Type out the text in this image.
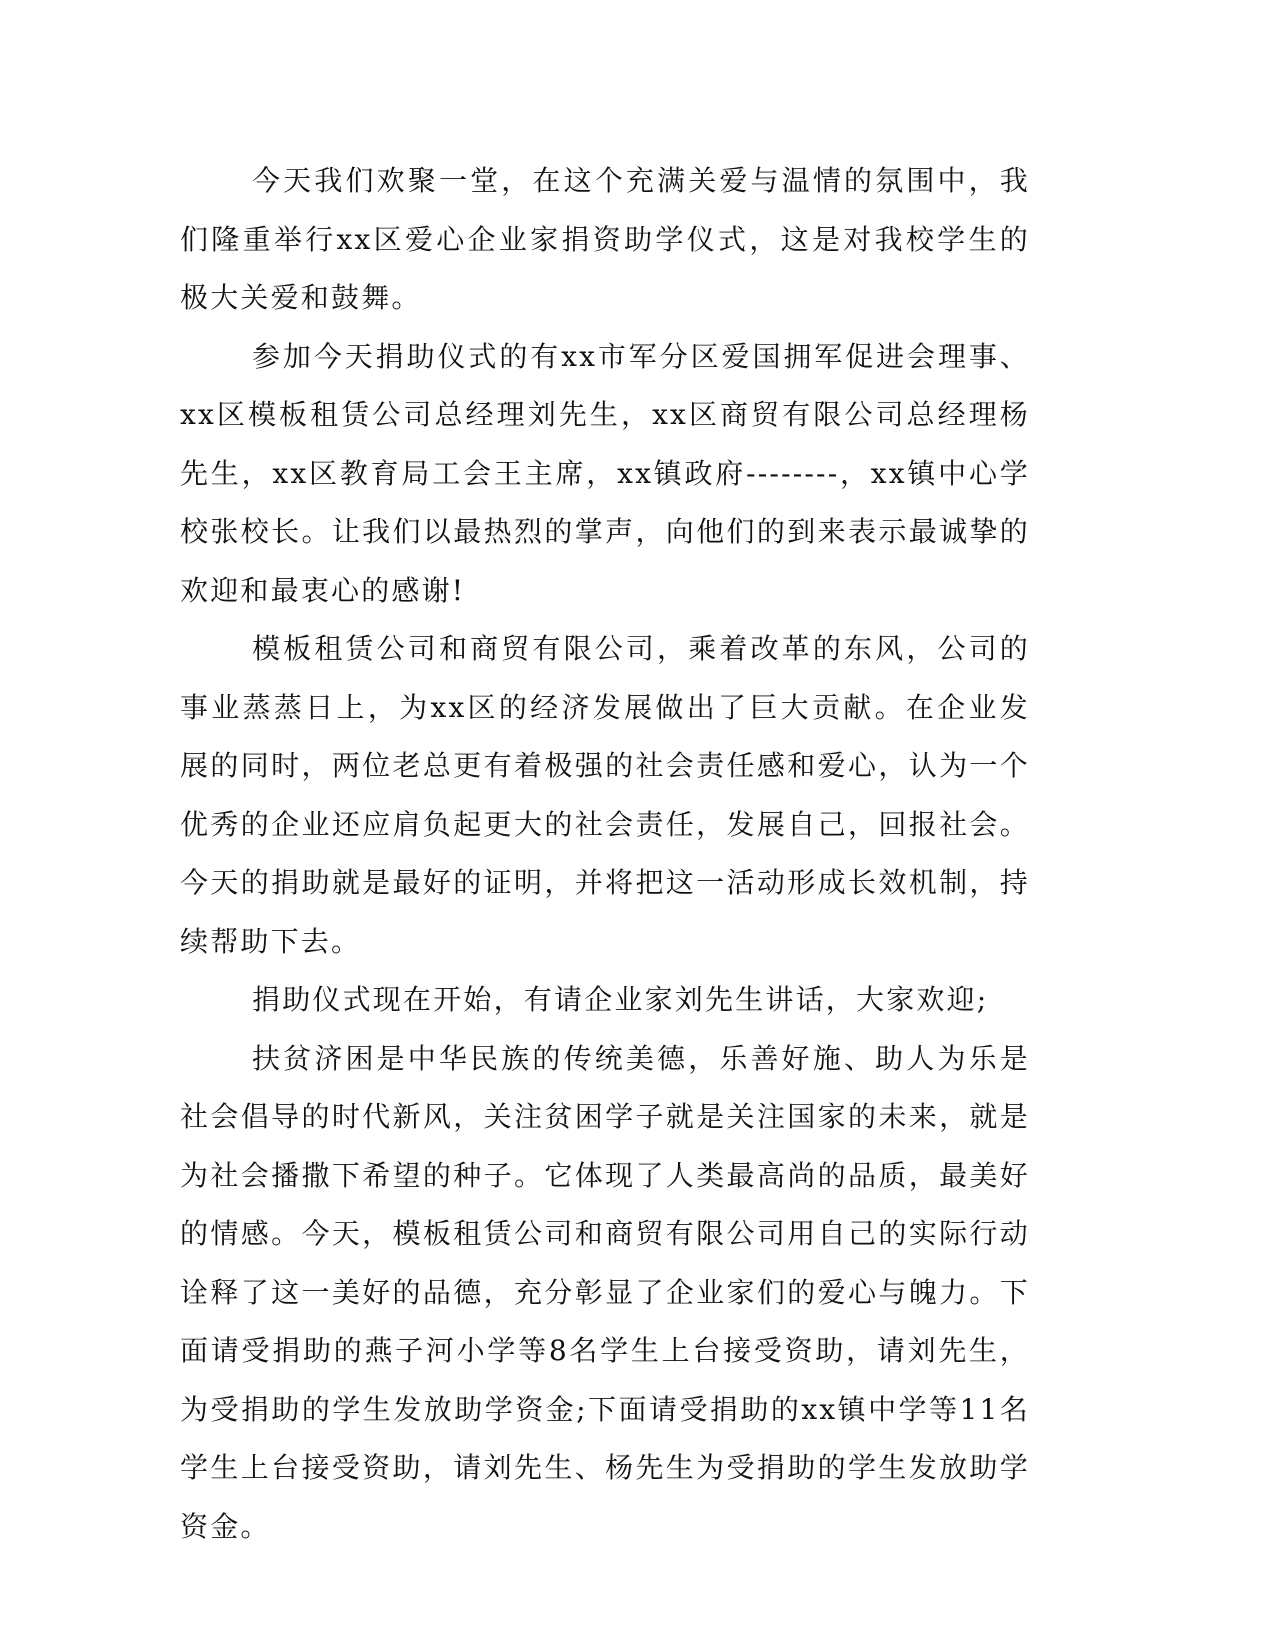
今天我们欢聚一堂，在这个充满关爱与温情的氛围中，我们隆重举行xx区爱心企业家捐资助学仪式，这是对我校学生的极大关爱和鼓舞。

参加今天捐助仪式的有xx市军分区爱国拥军促进会理事、xx区模板租赁公司总经理刘先生，xx区商贸有限公司总经理杨先生，xx区教育局工会王主席，xx镇政府--------，xx镇中心学校张校长。让我们以最热烈的掌声，向他们的到来表示最诚挚的欢迎和最衷心的感谢!

模板租赁公司和商贸有限公司，乘着改革的东风，公司的事业蒸蒸日上，为xx区的经济发展做出了巨大贡献。在企业发展的同时，两位老总更有着极强的社会责任感和爱心，认为一个优秀的企业还应肩负起更大的社会责任，发展自己，回报社会。今天的捐助就是最好的证明，并将把这一活动形成长效机制，持续帮助下去。

捐助仪式现在开始，有请企业家刘先生讲话，大家欢迎;

扶贫济困是中华民族的传统美德，乐善好施、助人为乐是社会倡导的时代新风，关注贫困学子就是关注国家的未来，就是为社会播撒下希望的种子。它体现了人类最高尚的品质，最美好的情感。今天，模板租赁公司和商贸有限公司用自己的实际行动诠释了这一美好的品德，充分彰显了企业家们的爱心与魄力。下面请受捐助的燕子河小学等8名学生上台接受资助，请刘先生，为受捐助的学生发放助学资金;下面请受捐助的xx镇中学等11名学生上台接受资助，请刘先生、杨先生为受捐助的学生发放助学资金。
